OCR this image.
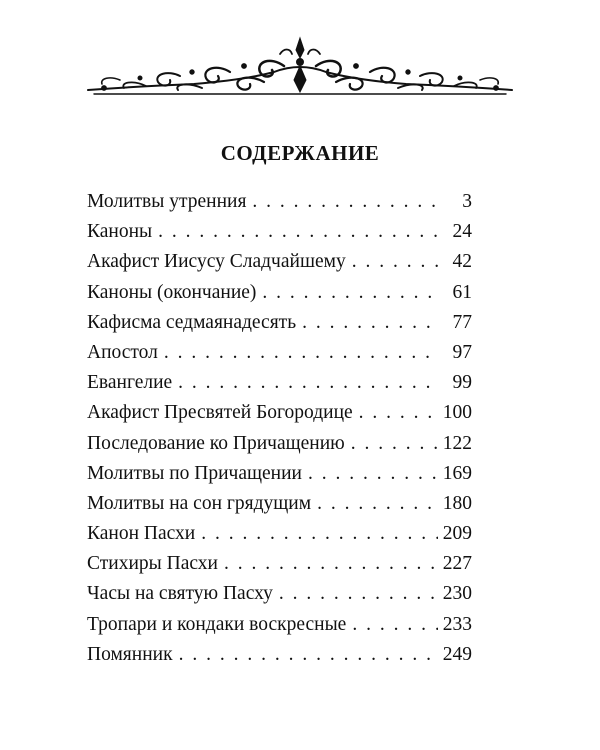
СОДЕРЖАНИЕ
Молитвы утренния . . .	3
Каноны . . .	24
Акафист Иисусу Сладчайшему . . .	42
Каноны (окончание) . . .	61
Кафисма седмаянадесять . . .	77
Апостол . . .	97
Евангелие . . .	99
Акафист Пресвятей Богородице . . .	100
Последование ко Причащению . . .	122
Молитвы по Причащении . . .	169
Молитвы на сон грядущим . . .	180
Канон Пасхи . . .	209
Стихиры Пасхи . . .	227
Часы на святую Пасху . . .	230
Тропари и кондаки воскресные . . .	233
Помянник . . .	249
